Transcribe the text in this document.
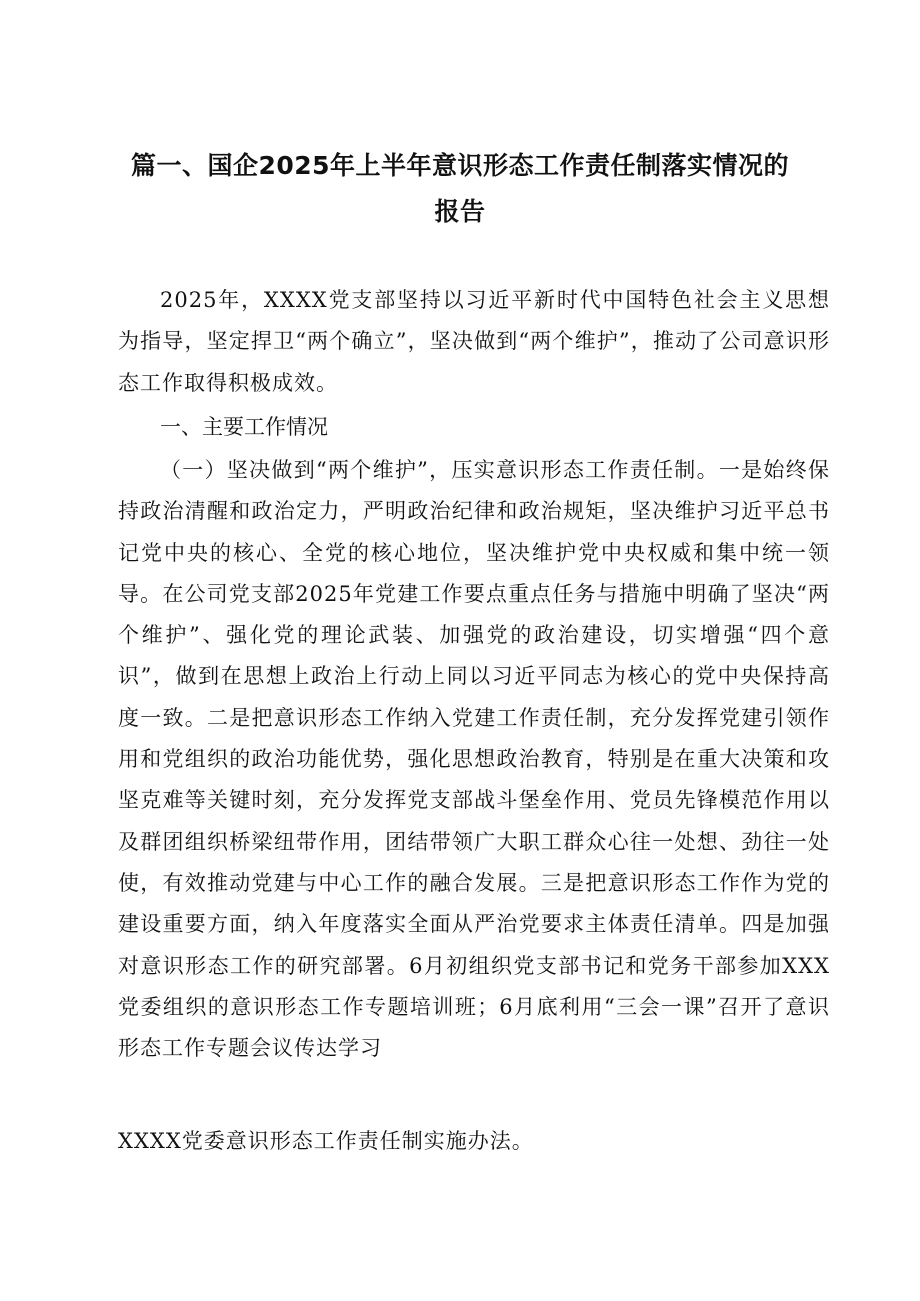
篇一、国企2025年上半年意识形态工作责任制落实情况的
报告

2025年，XXXX党支部坚持以习近平新时代中国特色社会主义思想为指导，坚定捍卫“两个确立”，坚决做到“两个维护”，推动了公司意识形态工作取得积极成效。

一、主要工作情况

（一）坚决做到“两个维护”，压实意识形态工作责任制。一是始终保持政治清醒和政治定力，严明政治纪律和政治规矩，坚决维护习近平总书记党中央的核心、全党的核心地位，坚决维护党中央权威和集中统一领导。在公司党支部2025年党建工作要点重点任务与措施中明确了坚决“两个维护”、强化党的理论武装、加强党的政治建设，切实增强“四个意识”，做到在思想上政治上行动上同以习近平同志为核心的党中央保持高度一致。二是把意识形态工作纳入党建工作责任制，充分发挥党建引领作用和党组织的政治功能优势，强化思想政治教育，特别是在重大决策和攻坚克难等关键时刻，充分发挥党支部战斗堡垒作用、党员先锋模范作用以及群团组织桥梁纽带作用，团结带领广大职工群众心往一处想、劲往一处使，有效推动党建与中心工作的融合发展。三是把意识形态工作作为党的建设重要方面，纳入年度落实全面从严治党要求主体责任清单。四是加强对意识形态工作的研究部署。6月初组织党支部书记和党务干部参加XXX党委组织的意识形态工作专题培训班；6月底利用“三会一课”召开了意识形态工作专题会议传达学习

XXXX党委意识形态工作责任制实施办法。
